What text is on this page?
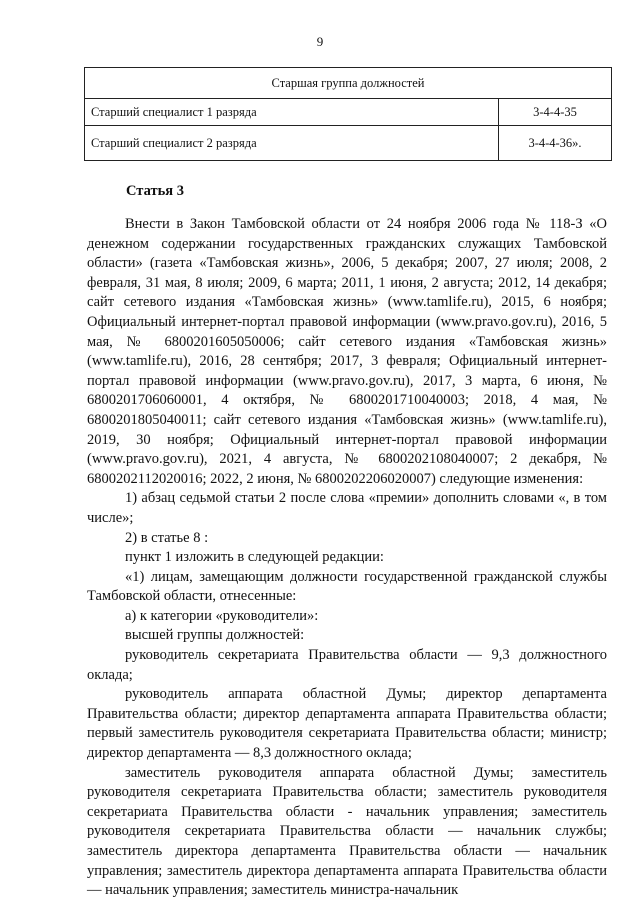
9
Старшая группа должностей	
Старший специалист 1 разряда	3-4-4-35
Старший специалист 2 разряда	3-4-4-36».
Статья 3

Внести в Закон Тамбовской области от 24 ноября 2006 года № 118-З «О денежном содержании государственных гражданских служащих Тамбовской области» (газета «Тамбовская жизнь», 2006, 5 декабря; 2007, 27 июля; 2008, 2 февраля, 31 мая, 8 июля; 2009, 6 марта; 2011, 1 июня, 2 августа; 2012, 14 декабря; сайт сетевого издания «Тамбовская жизнь» (www.tamlife.ru), 2015, 6 ноября; Официальный интернет-портал правовой информации (www.pravo.gov.ru), 2016, 5 мая, № 6800201605050006; сайт сетевого издания «Тамбовская жизнь» (www.tamlife.ru), 2016, 28 сентября; 2017, 3 февраля; Официальный интернет-портал правовой информации (www.pravo.gov.ru), 2017, 3 марта, 6 июня, № 6800201706060001, 4 октября, № 6800201710040003; 2018, 4 мая, № 6800201805040011; сайт сетевого издания «Тамбовская жизнь» (www.tamlife.ru), 2019, 30 ноября; Официальный интернет-портал правовой информации (www.pravo.gov.ru), 2021, 4 августа, № 6800202108040007; 2 декабря, № 6800202112020016; 2022, 2 июня, № 6800202206020007) следующие изменения:

1) абзац седьмой статьи 2 после слова «премии» дополнить словами «, в том числе»;

2) в статье 8 :

пункт 1 изложить в следующей редакции:

«1) лицам, замещающим должности государственной гражданской службы Тамбовской области, отнесенные:

а) к категории «руководители»:

высшей группы должностей:

руководитель секретариата Правительства области — 9,3 должностного оклада;

руководитель аппарата областной Думы; директор департамента Правительства области; директор департамента аппарата Правительства области; первый заместитель руководителя секретариата Правительства области; министр; директор департамента — 8,3 должностного оклада;

заместитель руководителя аппарата областной Думы; заместитель руководителя секретариата Правительства области; заместитель руководителя секретариата Правительства области - начальник управления; заместитель руководителя секретариата Правительства области — начальник службы; заместитель директора департамента Правительства области — начальник управления; заместитель директора департамента аппарата Правительства области — начальник управления; заместитель министра-начальник
